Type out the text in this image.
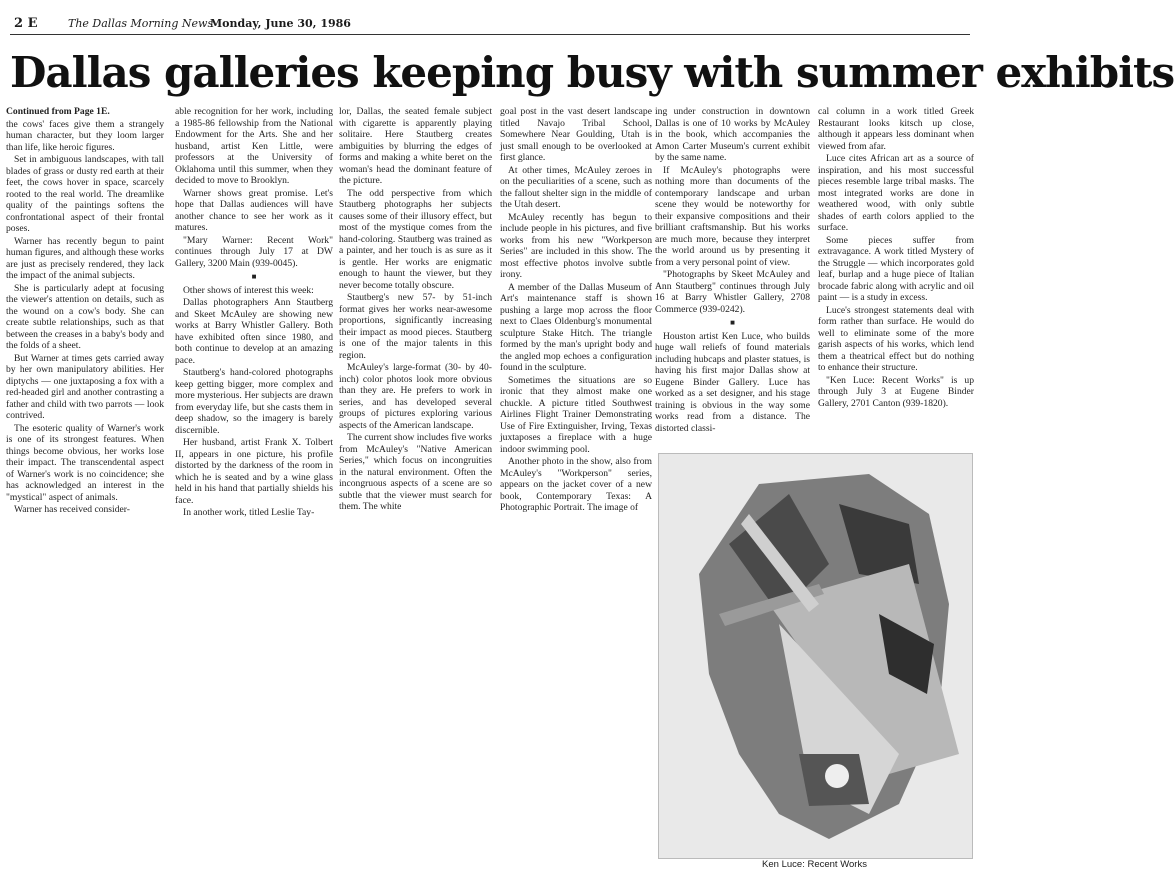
2 E	The Dallas Morning News
Monday, June 30, 1986
Dallas galleries keeping busy with summer exhibits

Continued from Page 1E.

the cows' faces give them a strangely human character, but they loom larger than life, like heroic figures.

Set in ambiguous landscapes, with tall blades of grass or dusty red earth at their feet, the cows hover in space, scarcely rooted to the real world. The dreamlike quality of the paintings softens the confrontational aspect of their frontal poses.

Warner has recently begun to paint human figures, and although these works are just as precisely rendered, they lack the impact of the animal subjects.

She is particularly adept at focusing the viewer's attention on details, such as the wound on a cow's body. She can create subtle relationships, such as that between the creases in a baby's body and the folds of a sheet.

But Warner at times gets carried away by her own manipulatory abilities. Her diptychs — one juxtaposing a fox with a red-headed girl and another contrasting a father and child with two parrots — look contrived.

The esoteric quality of Warner's work is one of its strongest features. When things become obvious, her works lose their impact. The transcendental aspect of Warner's work is no coincidence; she has acknowledged an interest in the "mystical" aspect of animals.

Warner has received consider-

able recognition for her work, including a 1985-86 fellowship from the National Endowment for the Arts. She and her husband, artist Ken Little, were professors at the University of Oklahoma until this summer, when they decided to move to Brooklyn.

Warner shows great promise. Let's hope that Dallas audiences will have another chance to see her work as it matures.

"Mary Warner: Recent Work" continues through July 17 at DW Gallery, 3200 Main (939-0045).

■

Other shows of interest this week:

Dallas photographers Ann Stautberg and Skeet McAuley are showing new works at Barry Whistler Gallery. Both have exhibited often since 1980, and both continue to develop at an amazing pace.

Stautberg's hand-colored photographs keep getting bigger, more complex and more mysterious. Her subjects are drawn from everyday life, but she casts them in deep shadow, so the imagery is barely discernible.

Her husband, artist Frank X. Tolbert II, appears in one picture, his profile distorted by the darkness of the room in which he is seated and by a wine glass held in his hand that partially shields his face.

In another work, titled Leslie Tay-

lor, Dallas, the seated female subject with cigarette is apparently playing solitaire. Here Stautberg creates ambiguities by blurring the edges of forms and making a white beret on the woman's head the dominant feature of the picture.

The odd perspective from which Stautberg photographs her subjects causes some of their illusory effect, but most of the mystique comes from the hand-coloring. Stautberg was trained as a painter, and her touch is as sure as it is gentle. Her works are enigmatic enough to haunt the viewer, but they never become totally obscure.

Stautberg's new 57- by 51-inch format gives her works near-awesome proportions, significantly increasing their impact as mood pieces. Stautberg is one of the major talents in this region.

McAuley's large-format (30- by 40-inch) color photos look more obvious than they are. He prefers to work in series, and has developed several groups of pictures exploring various aspects of the American landscape.

The current show includes five works from McAuley's "Native American Series," which focus on incongruities in the natural environment. Often the incongruous aspects of a scene are so subtle that the viewer must search for them. The white

goal post in the vast desert landscape titled Navajo Tribal School, Somewhere Near Goulding, Utah is just small enough to be overlooked at first glance.

At other times, McAuley zeroes in on the peculiarities of a scene, such as the fallout shelter sign in the middle of the Utah desert.

McAuley recently has begun to include people in his pictures, and five works from his new "Workperson Series" are included in this show. The most effective photos involve subtle irony.

A member of the Dallas Museum of Art's maintenance staff is shown pushing a large mop across the floor next to Claes Oldenburg's monumental sculpture Stake Hitch. The triangle formed by the man's upright body and the angled mop echoes a configuration found in the sculpture.

Sometimes the situations are so ironic that they almost make one chuckle. A picture titled Southwest Airlines Flight Trainer Demonstrating Use of Fire Extinguisher, Irving, Texas juxtaposes a fireplace with a huge indoor swimming pool.

Another photo in the show, also from McAuley's "Workperson" series, appears on the jacket cover of a new book, Contemporary Texas: A Photographic Portrait. The image of

ing under construction in downtown Dallas is one of 10 works by McAuley in the book, which accompanies the Amon Carter Museum's current exhibit by the same name.

If McAuley's photographs were nothing more than documents of the contemporary landscape and urban scene they would be noteworthy for their expansive compositions and their brilliant craftsmanship. But his works are much more, because they interpret the world around us by presenting it from a very personal point of view.

"Photographs by Skeet McAuley and Ann Stautberg" continues through July 16 at Barry Whistler Gallery, 2708 Commerce (939-0242).

■

Houston artist Ken Luce, who builds huge wall reliefs of found materials including hubcaps and plaster statues, is having his first major Dallas show at Eugene Binder Gallery. Luce has worked as a set designer, and his stage training is obvious in the way some works read from a distance. The distorted classi-

cal column in a work titled Greek Restaurant looks kitsch up close, although it appears less dominant when viewed from afar.

Luce cites African art as a source of inspiration, and his most successful pieces resemble large tribal masks. The most integrated works are done in weathered wood, with only subtle shades of earth colors applied to the surface.

Some pieces suffer from extravagance. A work titled Mystery of the Struggle — which incorporates gold leaf, burlap and a huge piece of Italian brocade fabric along with acrylic and oil paint — is a study in excess.

Luce's strongest statements deal with form rather than surface. He would do well to eliminate some of the more garish aspects of his works, which lend them a theatrical effect but do nothing to enhance their structure.

"Ken Luce: Recent Works" is up through July 3 at Eugene Binder Gallery, 2701 Canton (939-1820).

Ken Luce: Recent Works
